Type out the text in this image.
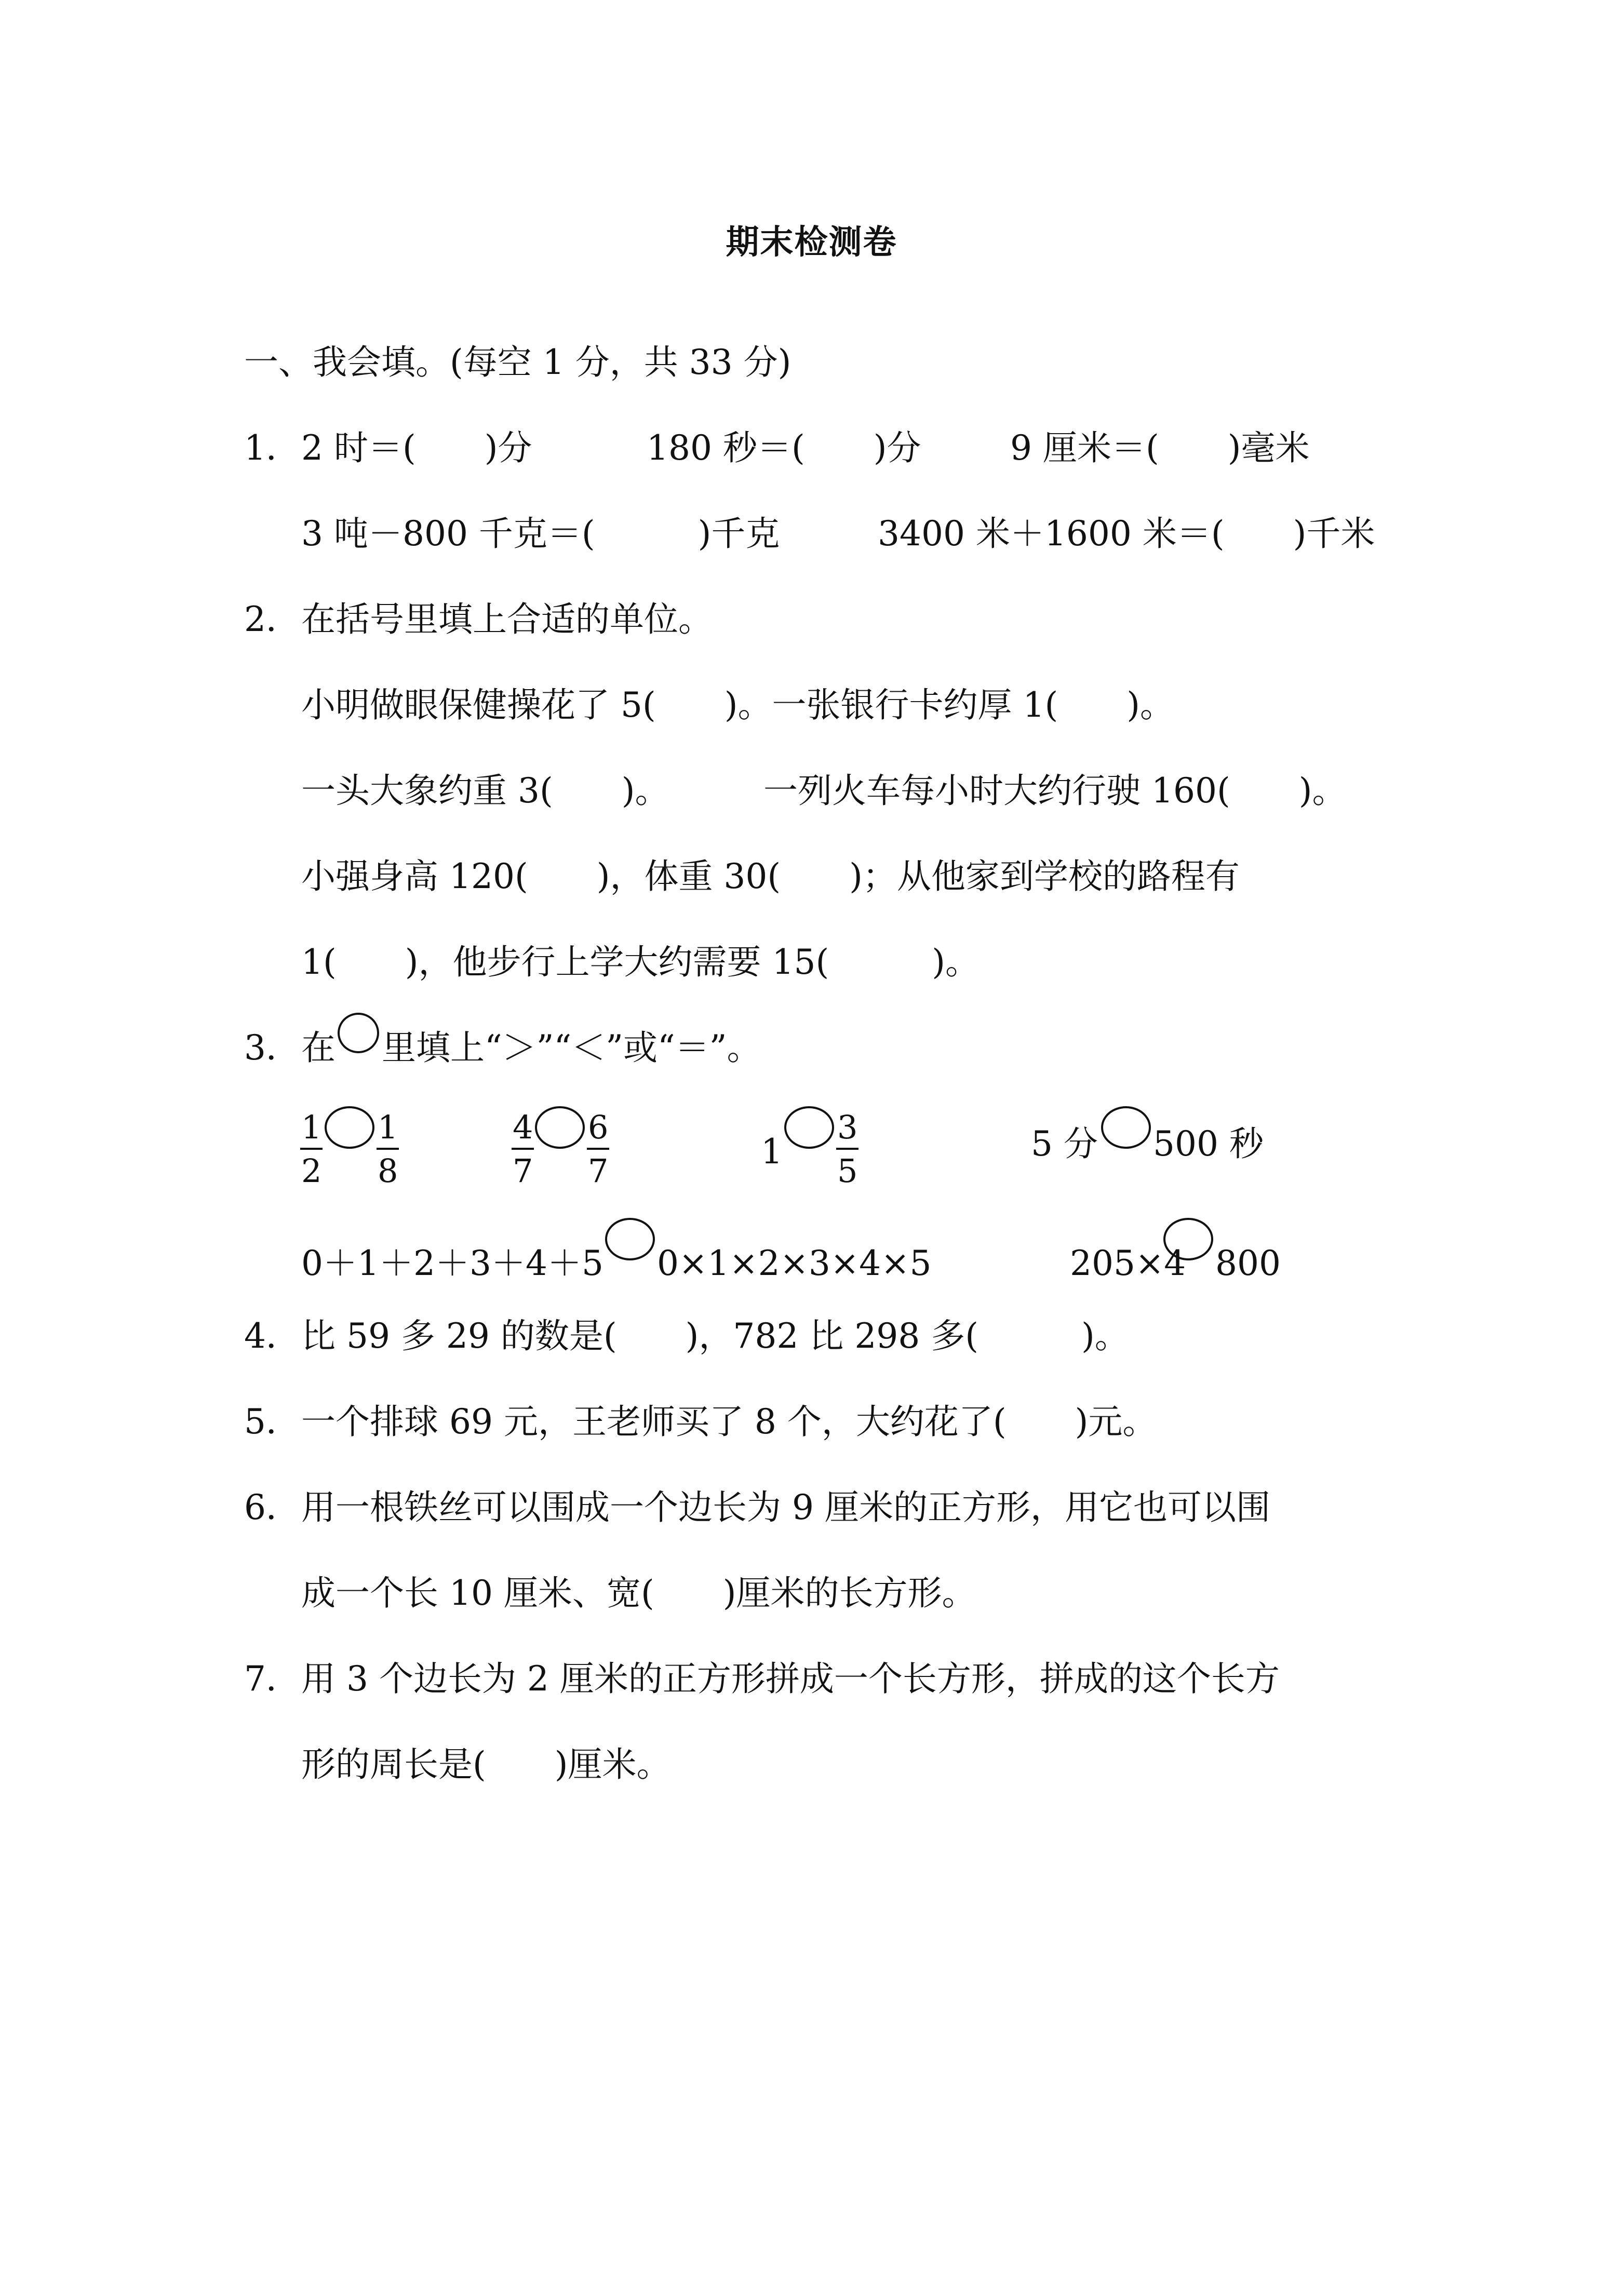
期末检测卷
一、我会填。(每空 1 分，共 33 分)
1． 2 时＝(　　)分	180 秒＝(　　)分	9 厘米＝(　　)毫米
3 吨－800 千克＝(　　　)千克	3400 米＋1600 米＝(　　)千米
2． 在括号里填上合适的单位。
小明做眼保健操花了 5(　　)。一张银行卡约厚 1(　　)。
一头大象约重 3(　　)。	一列火车每小时大约行驶 160(　　)。
小强身高 120(　　)，体重 30(　　)；从他家到学校的路程有
1(　　)，他步行上学大约需要 15(　　　)。
3． 在 里填上“＞”“＜”或“＝”。
$\frac{1}{2} \frac{1}{8}$	$\frac{4}{7} \frac{6}{7}$	$1 \frac{3}{5}$	5 分 500 秒
0＋1＋2＋3＋4＋5 0×1×2×3×4×5	205×4 800
4． 比 59 多 29 的数是(　　)，782 比 298 多(　　　)。
5． 一个排球 69 元，王老师买了 8 个，大约花了(　　)元。
6． 用一根铁丝可以围成一个边长为 9 厘米的正方形，用它也可以围
成一个长 10 厘米、宽(　　)厘米的长方形。
7． 用 3 个边长为 2 厘米的正方形拼成一个长方形，拼成的这个长方
形的周长是(　　)厘米。
